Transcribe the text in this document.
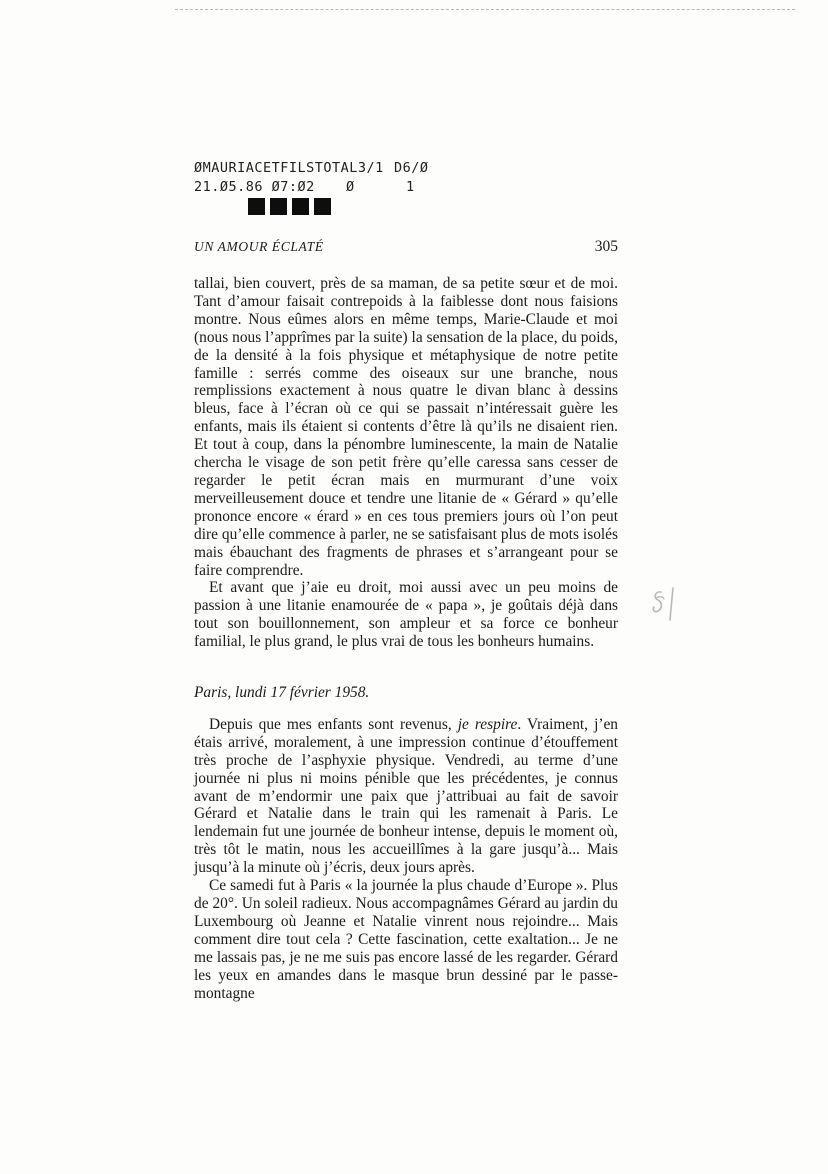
ØMAURIACETFILSTOTAL3/1 D6/Ø
21.Ø5.86 Ø7:Ø2 Ø	1
UN AMOUR ÉCLATÉ	305

tallai, bien couvert, près de sa maman, de sa petite sœur et de moi. Tant d’amour faisait contrepoids à la faiblesse dont nous faisions montre. Nous eûmes alors en même temps, Marie-Claude et moi (nous nous l’apprîmes par la suite) la sensation de la place, du poids, de la densité à la fois physique et métaphysique de notre petite famille : serrés comme des oiseaux sur une branche, nous remplissions exactement à nous quatre le divan blanc à dessins bleus, face à l’écran où ce qui se passait n’intéressait guère les enfants, mais ils étaient si contents d’être là qu’ils ne disaient rien. Et tout à coup, dans la pénombre luminescente, la main de Natalie chercha le visage de son petit frère qu’elle caressa sans cesser de regarder le petit écran mais en murmurant d’une voix merveilleusement douce et tendre une litanie de « Gérard » qu’elle prononce encore « érard » en ces tous premiers jours où l’on peut dire qu’elle commence à parler, ne se satisfaisant plus de mots isolés mais ébauchant des fragments de phrases et s’arrangeant pour se faire comprendre.

Et avant que j’aie eu droit, moi aussi avec un peu moins de passion à une litanie enamourée de « papa », je goûtais déjà dans tout son bouillonnement, son ampleur et sa force ce bonheur familial, le plus grand, le plus vrai de tous les bonheurs humains.

Paris, lundi 17 février 1958.

Depuis que mes enfants sont revenus, je respire. Vraiment, j’en étais arrivé, moralement, à une impression continue d’étouffement très proche de l’asphyxie physique. Vendredi, au terme d’une journée ni plus ni moins pénible que les précédentes, je connus avant de m’endormir une paix que j’attribuai au fait de savoir Gérard et Natalie dans le train qui les ramenait à Paris. Le lendemain fut une journée de bonheur intense, depuis le moment où, très tôt le matin, nous les accueillîmes à la gare jusqu’à... Mais jusqu’à la minute où j’écris, deux jours après.

Ce samedi fut à Paris « la journée la plus chaude d’Europe ». Plus de 20°. Un soleil radieux. Nous accompagnâmes Gérard au jardin du Luxembourg où Jeanne et Natalie vinrent nous rejoindre... Mais comment dire tout cela ? Cette fascination, cette exaltation... Je ne me lassais pas, je ne me suis pas encore lassé de les regarder. Gérard les yeux en amandes dans le masque brun dessiné par le passe-montagne
